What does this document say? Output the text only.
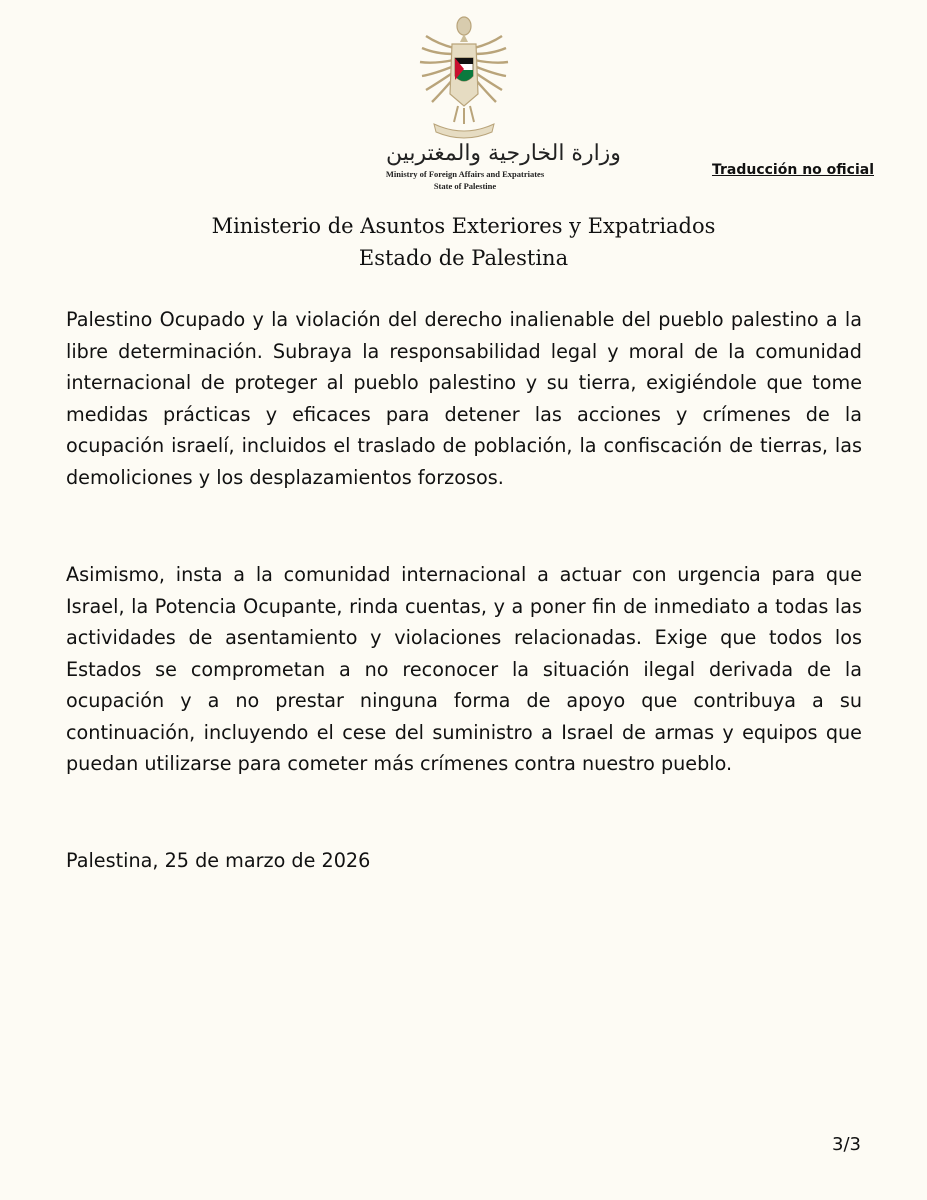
وزارة الخارجية والمغتربين
Ministry of Foreign Affairs and Expatriates
State of Palestine
Traducción no oficial
Ministerio de Asuntos Exteriores y Expatriados
Estado de Palestina
Palestino Ocupado y la violación del derecho inalienable del pueblo palestino a la libre determinación. Subraya la responsabilidad legal y moral de la comunidad internacional de proteger al pueblo palestino y su tierra, exigiéndole que tome medidas prácticas y eficaces para detener las acciones y crímenes de la ocupación israelí, incluidos el traslado de población, la confiscación de tierras, las demoliciones y los desplazamientos forzosos.
Asimismo, insta a la comunidad internacional a actuar con urgencia para que Israel, la Potencia Ocupante, rinda cuentas, y a poner fin de inmediato a todas las actividades de asentamiento y violaciones relacionadas. Exige que todos los Estados se comprometan a no reconocer la situación ilegal derivada de la ocupación y a no prestar ninguna forma de apoyo que contribuya a su continuación, incluyendo el cese del suministro a Israel de armas y equipos que puedan utilizarse para cometer más crímenes contra nuestro pueblo.
Palestina, 25 de marzo de 2026
3/3
